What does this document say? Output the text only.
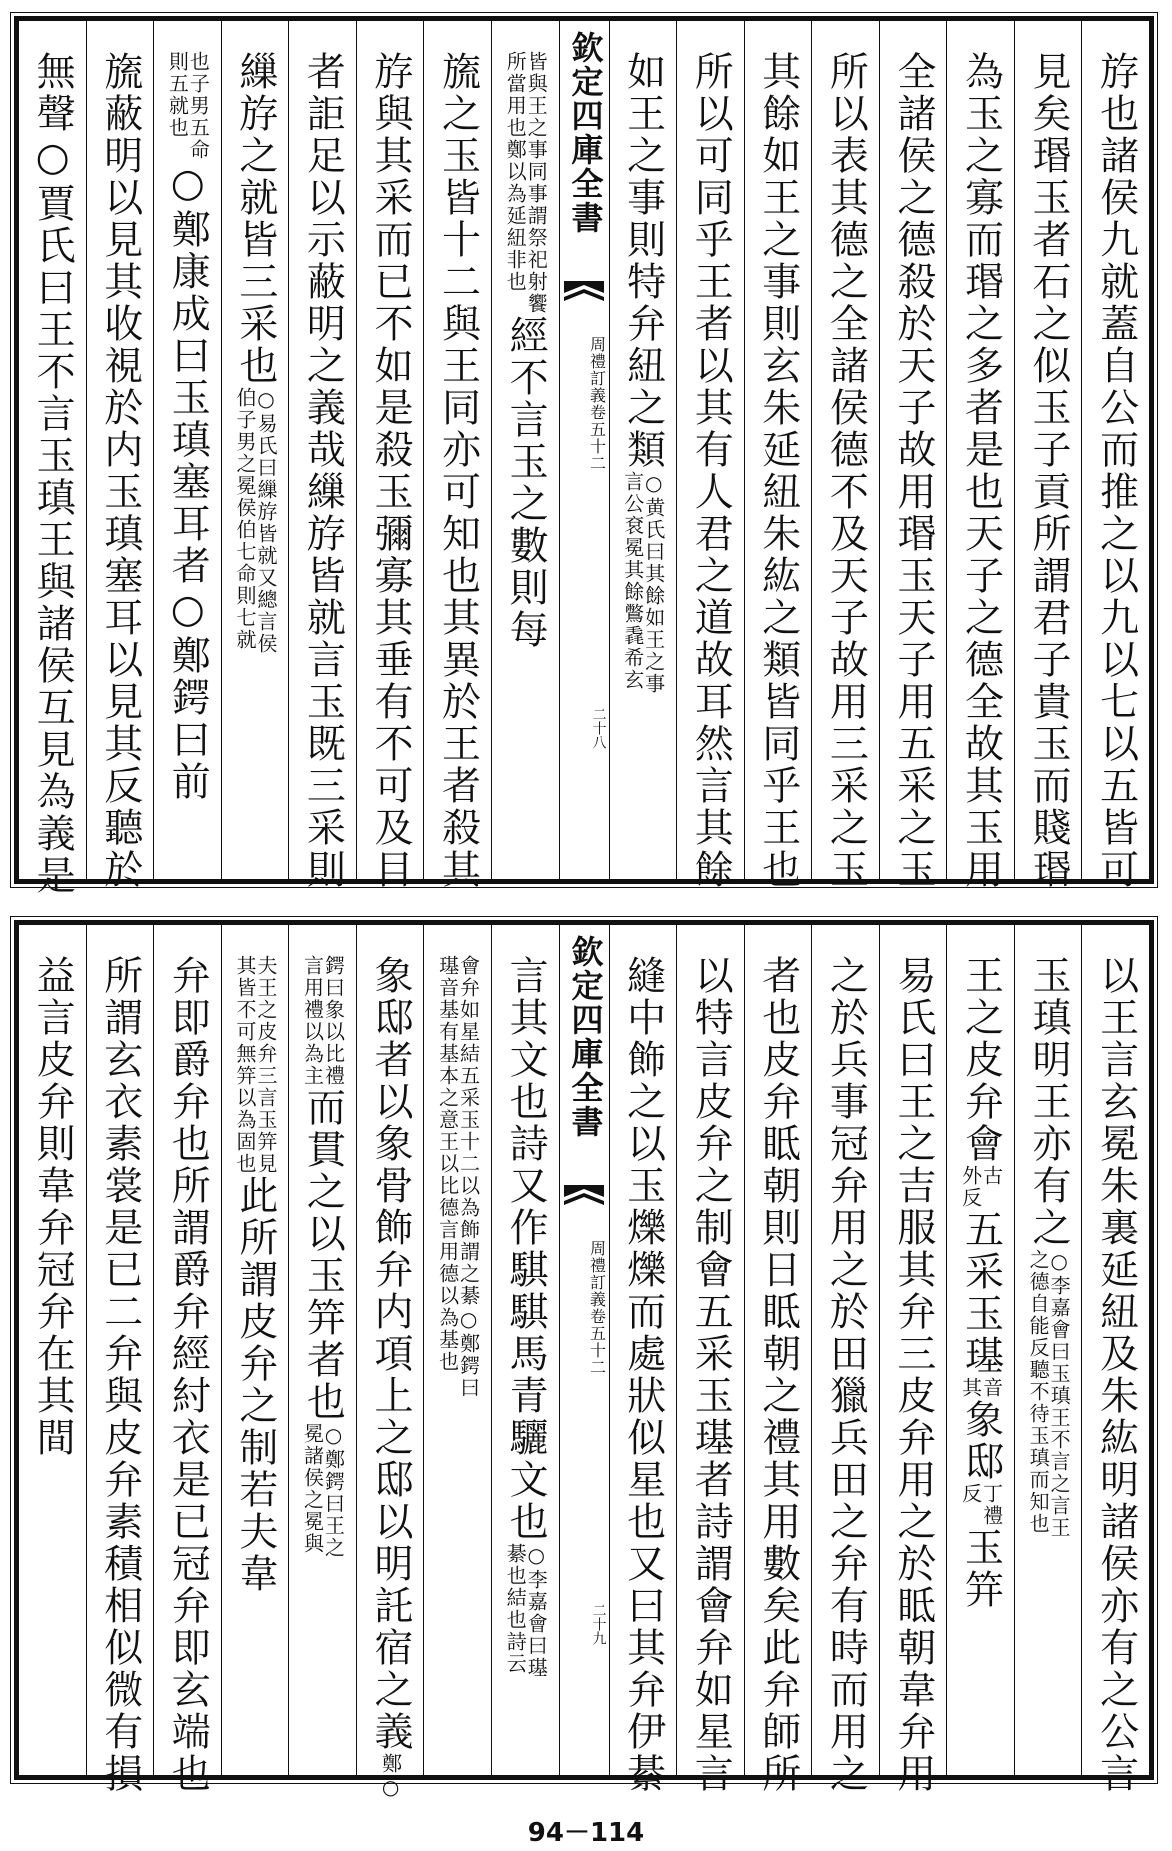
斿也諸侯九就蓋自公而推之以九以七以五皆可
見矣瑉玉者石之似玉子貢所謂君子貴玉而賤瑉
為玉之寡而瑉之多者是也天子之德全故其玉用
全諸侯之德殺於天子故用瑉玉天子用五采之玉
所以表其德之全諸侯德不及天子故用三采之玉
其餘如王之事則玄朱延紐朱紘之類皆同乎王也
所以可同乎王者以其有人君之道故耳然言其餘
如王之事則特弁紐之類
○黄氏曰其餘如王之事
言公袞冕其餘鷩毳希玄
欽定四庫全書
周禮訂義
卷五十二
二十八
皆與王之事同事謂祭祀射饗
所當用也鄭以為延紐非也
經不言玉之數則每
旒之玉皆十二與王同亦可知也其異於王者殺其
斿與其采而已不如是殺玉彌寡其垂有不可及目
者詎足以示蔽明之義哉繅斿皆就言玉既三采則
繅斿之就皆三采也
○易氏曰繅斿皆就又總言侯
伯子男之冕侯伯七命則七就
也子男五命
則五就也
○鄭康成曰玉瑱塞耳者○鄭鍔曰前
旒蔽明以見其收視於内玉瑱塞耳以見其反聽於
無聲○賈氏曰王不言玉瑱王與諸侯互見為義是
以王言玄冕朱裏延紐及朱紘明諸侯亦有之公言
玉瑱明王亦有之
○李嘉會曰玉瑱王不言之言王
之德自能反聽不待玉瑱而知也
王之皮弁會
古
外反
五采玉璂
音
其
象邸
丁禮
反
玉笄
易氏曰王之吉服其弁三皮弁用之於眡朝韋弁用
之於兵事冠弁用之於田獵兵田之弁有時而用之
者也皮弁眡朝則日眡朝之禮其用數矣此弁師所
以特言皮弁之制會五采玉璂者詩謂會弁如星言
縫中飾之以玉爍爍而處狀似星也又曰其弁伊綦
欽定四庫全書
周禮訂義
卷五十二
二十九
言其文也詩又作騏騏馬青驪文也
○李嘉會曰璂
綦也結也詩云
會弁如星結五采玉十二以為飾謂之綦○鄭鍔曰
璂音基有基本之意王以比德言用德以為基也
象邸者以象骨飾弁内項上之邸以明託宿之義
鄭○
鍔曰象以比禮
言用禮以為主
而貫之以玉笄者也
○鄭鍔曰王之
冕諸侯之冕與
夫王之皮弁三言玉笄見
其皆不可無笄以為固也
此所謂皮弁之制若夫韋
弁即爵弁也所謂爵弁經紂衣是已冠弁即玄端也
所謂玄衣素裳是已二弁與皮弁素積相似微有損
益言皮弁則韋弁冠弁在其間
94－114
